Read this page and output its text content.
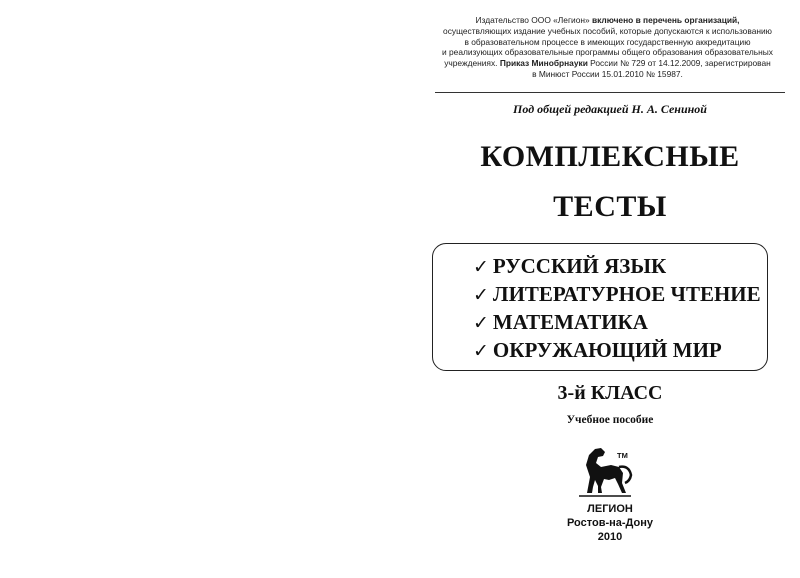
Издательство ООО «Легион» включено в перечень организаций,
осуществляющих издание учебных пособий, которые допускаются к использованию
в образовательном процессе в имеющих государственную аккредитацию
и реализующих образовательные программы общего образования образовательных
учреждениях. Приказ Минобрнауки России № 729 от 14.12.2009, зарегистрирован
в Минюст России 15.01.2010 № 15987.
Под общей редакцией Н. А. Сениной
КОМПЛЕКСНЫЕ
ТЕСТЫ
✓ РУССКИЙ ЯЗЫК
✓ ЛИТЕРАТУРНОЕ ЧТЕНИЕ
✓ МАТЕМАТИКА
✓ ОКРУЖАЮЩИЙ МИР
3-й КЛАСС
Учебное пособие
ТМ
ЛЕГИОН
Ростов-на-Дону
2010
